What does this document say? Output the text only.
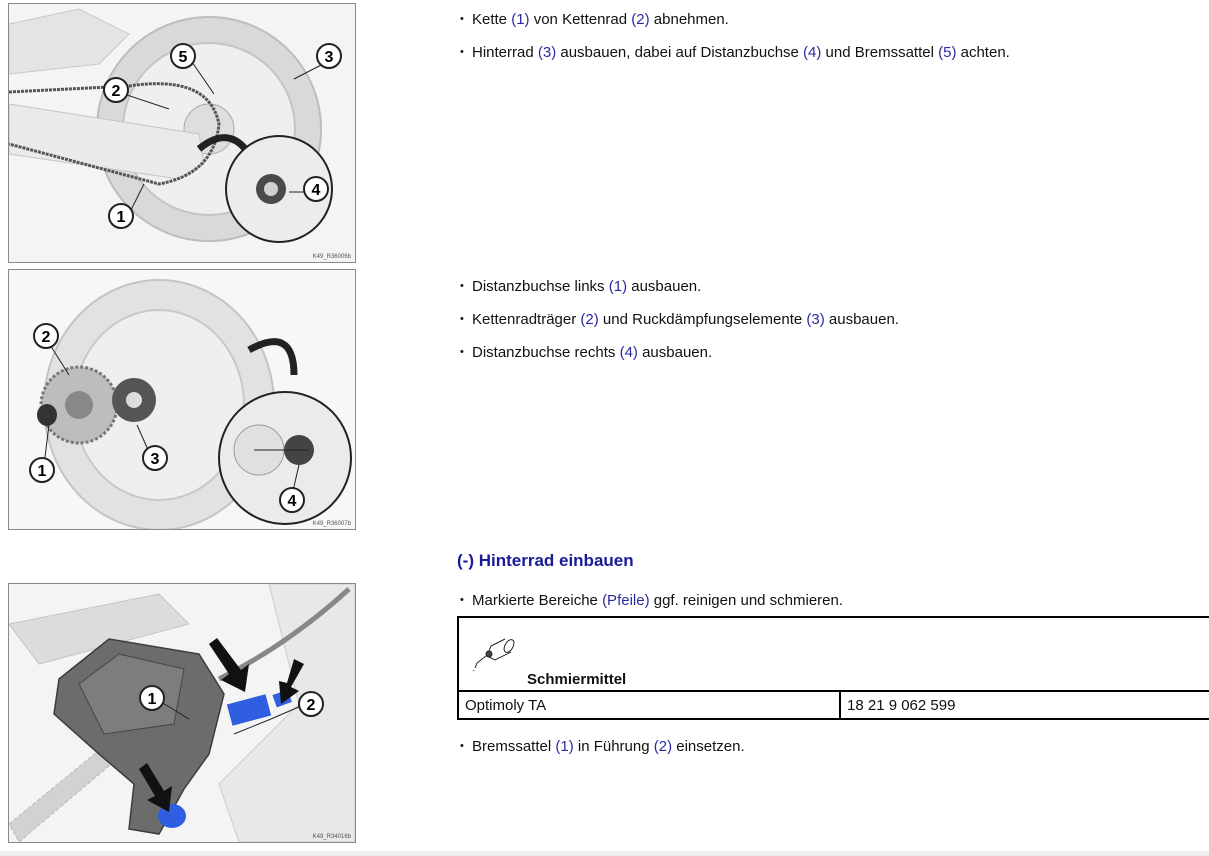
1
2
3
4
5
K49_R36006b
1
2
3
4
K49_R36007b
1	2
K49_R34016b
• Kette (1) von Kettenrad (2) abnehmen.
• Hinterrad (3) ausbauen, dabei auf Distanzbuchse (4) und Bremssattel (5) achten.
• Distanzbuchse links (1) ausbauen.
• Kettenradträger (2) und Ruckdämpfungselemente (3) ausbauen.
• Distanzbuchse rechts (4) ausbauen.
(-) Hinterrad einbauen
• Markierte Bereiche (Pfeile) ggf. reinigen und schmieren.
Schmiermittel

Optimoly TA	18 21 9 062 599
• Bremssattel (1) in Führung (2) einsetzen.
